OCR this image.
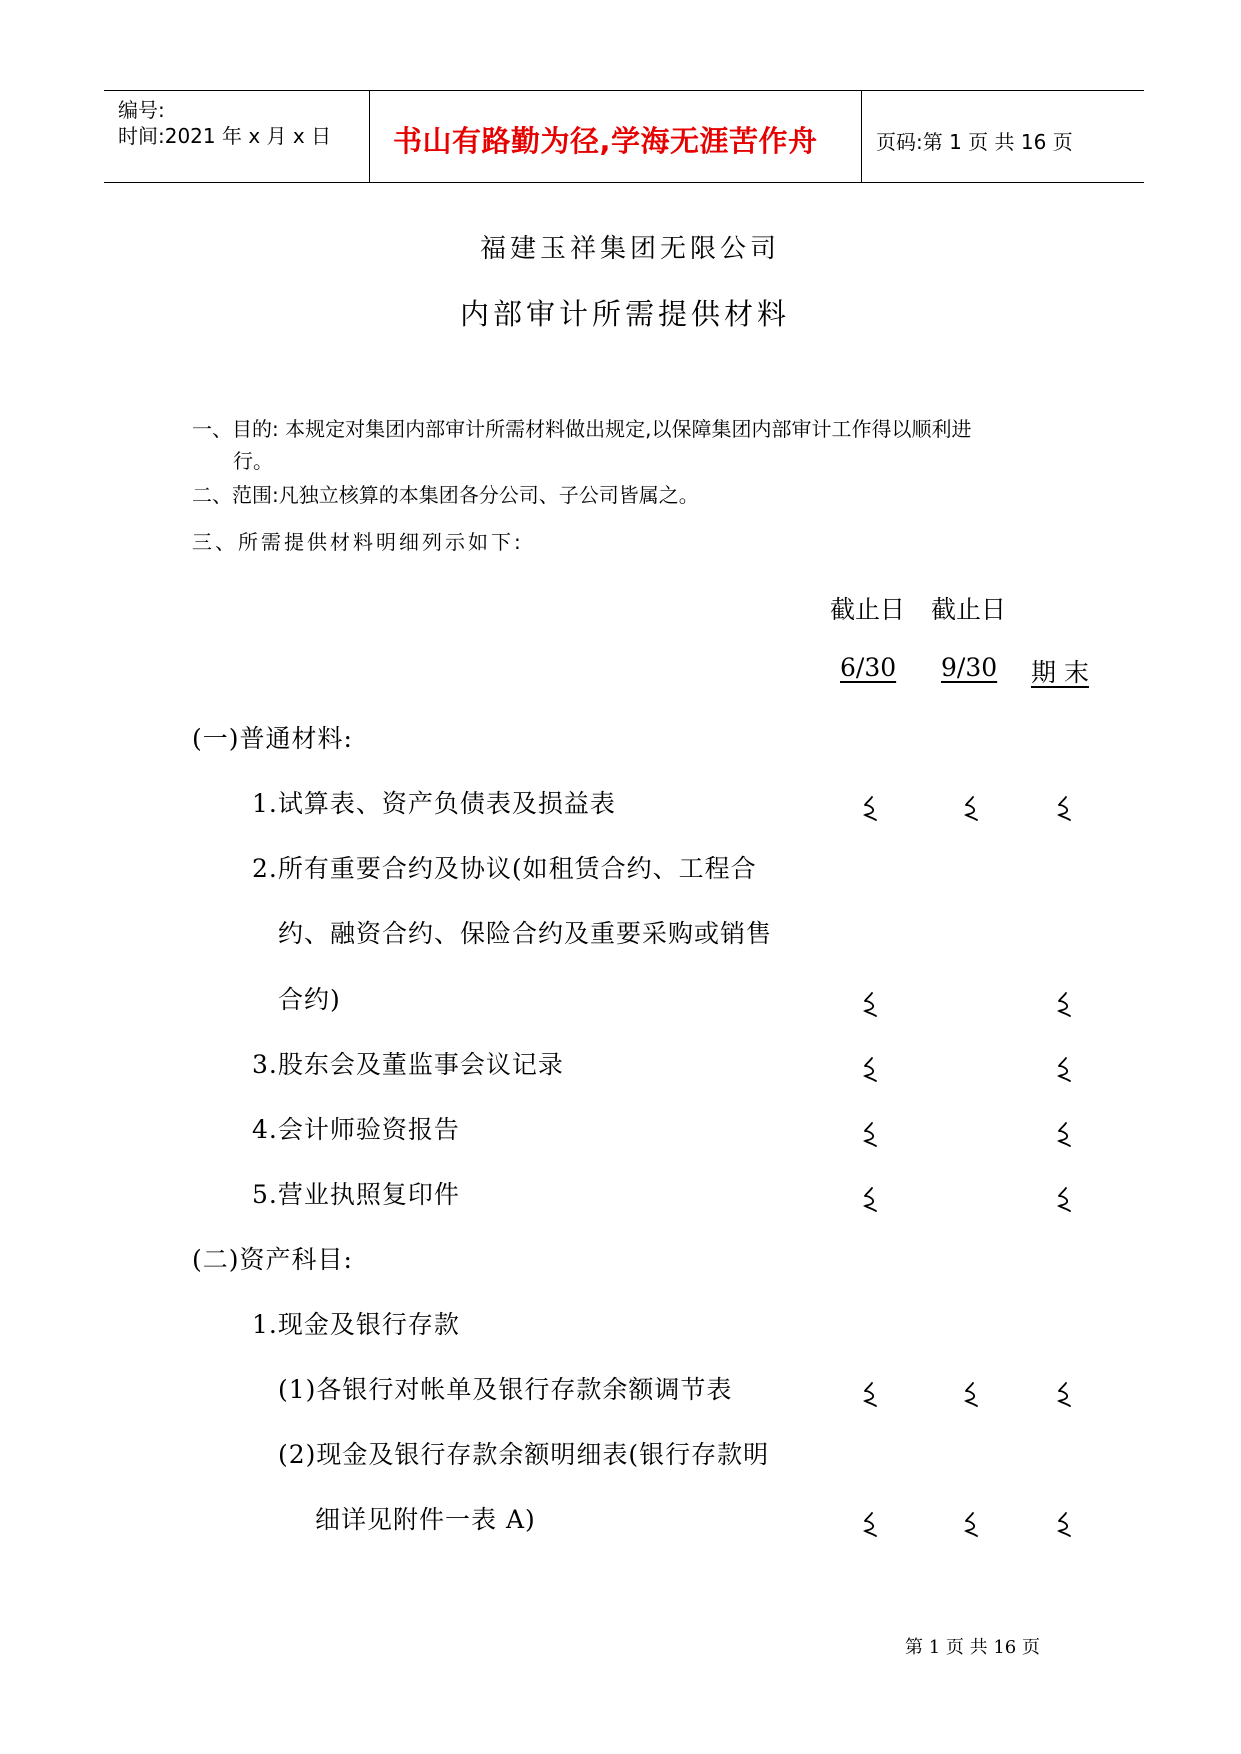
编号:
时间:2021 年 x 月 x 日 书山有路勤为径,学海无涯苦作舟	页码:第 1 页 共 16 页
福建玉祥集团无限公司
内部审计所需提供材料
一、目的: 本规定对集团内部审计所需材料做出规定,以保障集团内部审计工作得以顺利进
行。
二、范围:凡独立核算的本集团各分公司、子公司皆属之。
三、所需提供材料明细列示如下:
截止日 截止日
6/30 9/30 期 末
(一)普通材料:
1.试算表、资产负债表及损益表
2.所有重要合约及协议(如租赁合约、工程合
约、融资合约、保险合约及重要采购或销售
合约)
3.股东会及董监事会议记录
4.会计师验资报告
5.营业执照复印件
(二)资产科目:
1.现金及银行存款
(1)各银行对帐单及银行存款余额调节表
(2)现金及银行存款余额明细表(银行存款明
细详见附件一表 A)
第 1 页 共 16 页
